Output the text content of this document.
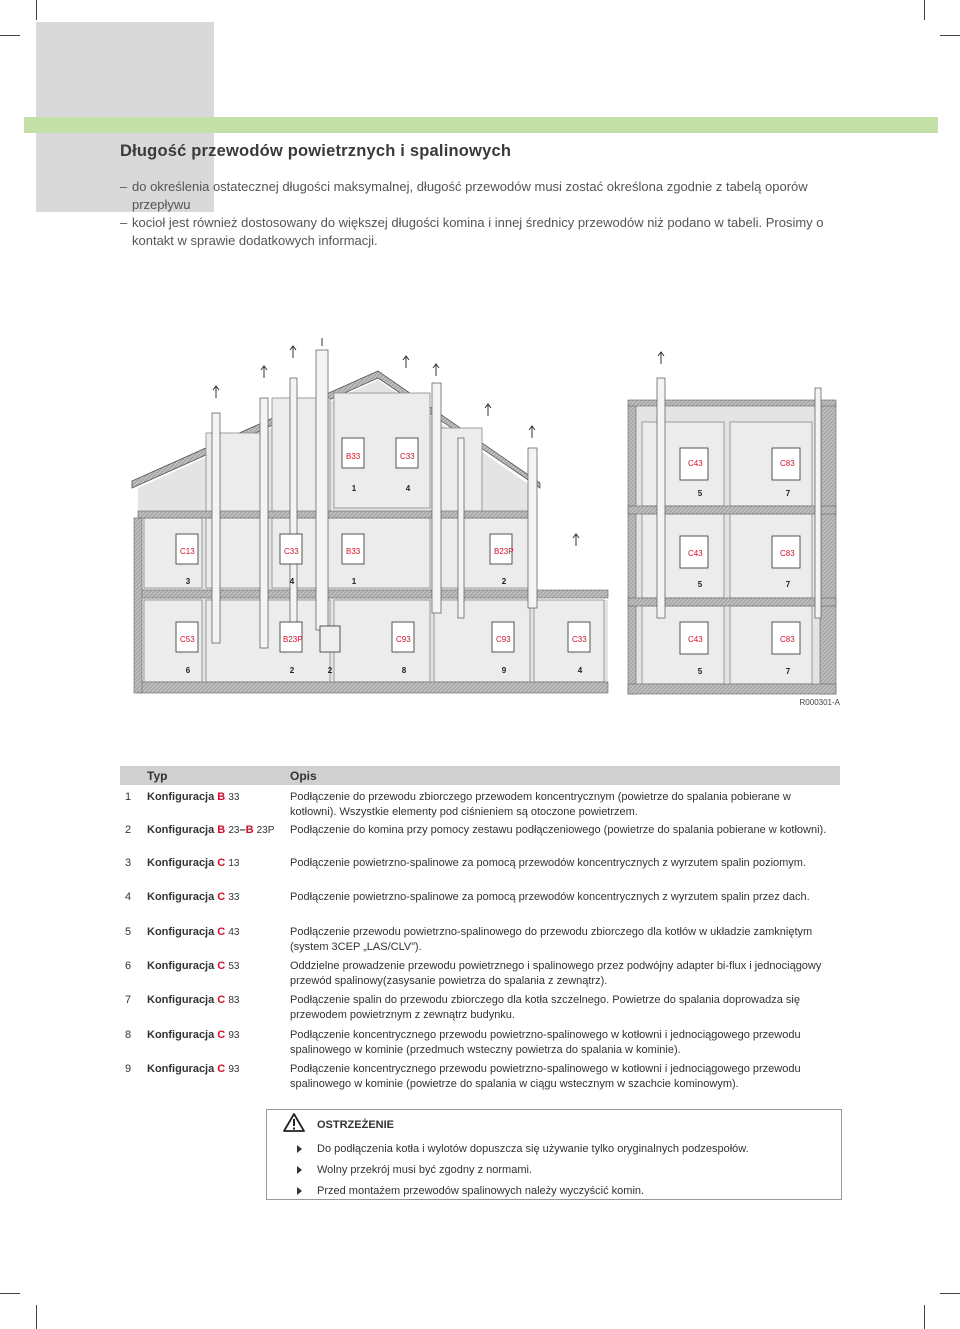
Długość przewodów powietrznych i spalinowych
– do określenia ostatecznej długości maksymalnej, długość przewodów musi zostać określona zgodnie z tabelą oporów przepływu
– kocioł jest również dostosowany do większej długości komina i innej średnicy przewodów niż podano w tabeli. Prosimy o kontakt w sprawie dodatkowych informacji.
B33	C33
C43	C83
C13	C33	B33	B23P	C43	C83
C53	B23P	C93	C93	C33	C43	C83
1	4
5	7
3	4	1	2	5	7
6	2	2	8	9	4	5	7
R000301-A
	Typ	Opis
1	Konfiguracja B 33	Podłączenie do przewodu zbiorczego przewodem koncentrycznym (powietrze do spalania pobierane w kotłowni). Wszystkie elementy pod ciśnieniem są otoczone powietrzem.
2	Konfiguracja B 23–B 23P	Podłączenie do komina przy pomocy zestawu podłączeniowego (powietrze do spalania pobierane w kotłowni).
3	Konfiguracja C 13	Podłączenie powietrzno-spalinowe za pomocą przewodów koncentrycznych z wyrzutem spalin poziomym.
4	Konfiguracja C 33	Podłączenie powietrzno-spalinowe za pomocą przewodów koncentrycznych z wyrzutem spalin przez dach.
5	Konfiguracja C 43	Podłączenie przewodu powietrzno-spalinowego do przewodu zbiorczego dla kotłów w układzie zamkniętym (system 3CEP „LAS/CLV”).
6	Konfiguracja C 53	Oddzielne prowadzenie przewodu powietrznego i spalinowego przez podwójny adapter bi-flux i jednociągowy przewód spalinowy(zasysanie powietrza do spalania z zewnątrz).
7	Konfiguracja C 83	Podłączenie spalin do przewodu zbiorczego dla kotła szczelnego. Powietrze do spalania doprowadza się przewodem powietrznym z zewnątrz budynku.
8	Konfiguracja C 93	Podłączenie koncentrycznego przewodu powietrzno-spalinowego w kotłowni i jednociągowego przewodu spalinowego w kominie (przedmuch wsteczny powietrza do spalania w kominie).
9	Konfiguracja C 93	Podłączenie koncentrycznego przewodu powietrzno-spalinowego w kotłowni i jednociągowego przewodu spalinowego w kominie (powietrze do spalania w ciągu wstecznym w szachcie kominowym).
OSTRZEŻENIE
Do podłączenia kotła i wylotów dopuszcza się używanie tylko oryginalnych podzespołów.
Wolny przekrój musi być zgodny z normami.
Przed montażem przewodów spalinowych należy wyczyścić komin.
